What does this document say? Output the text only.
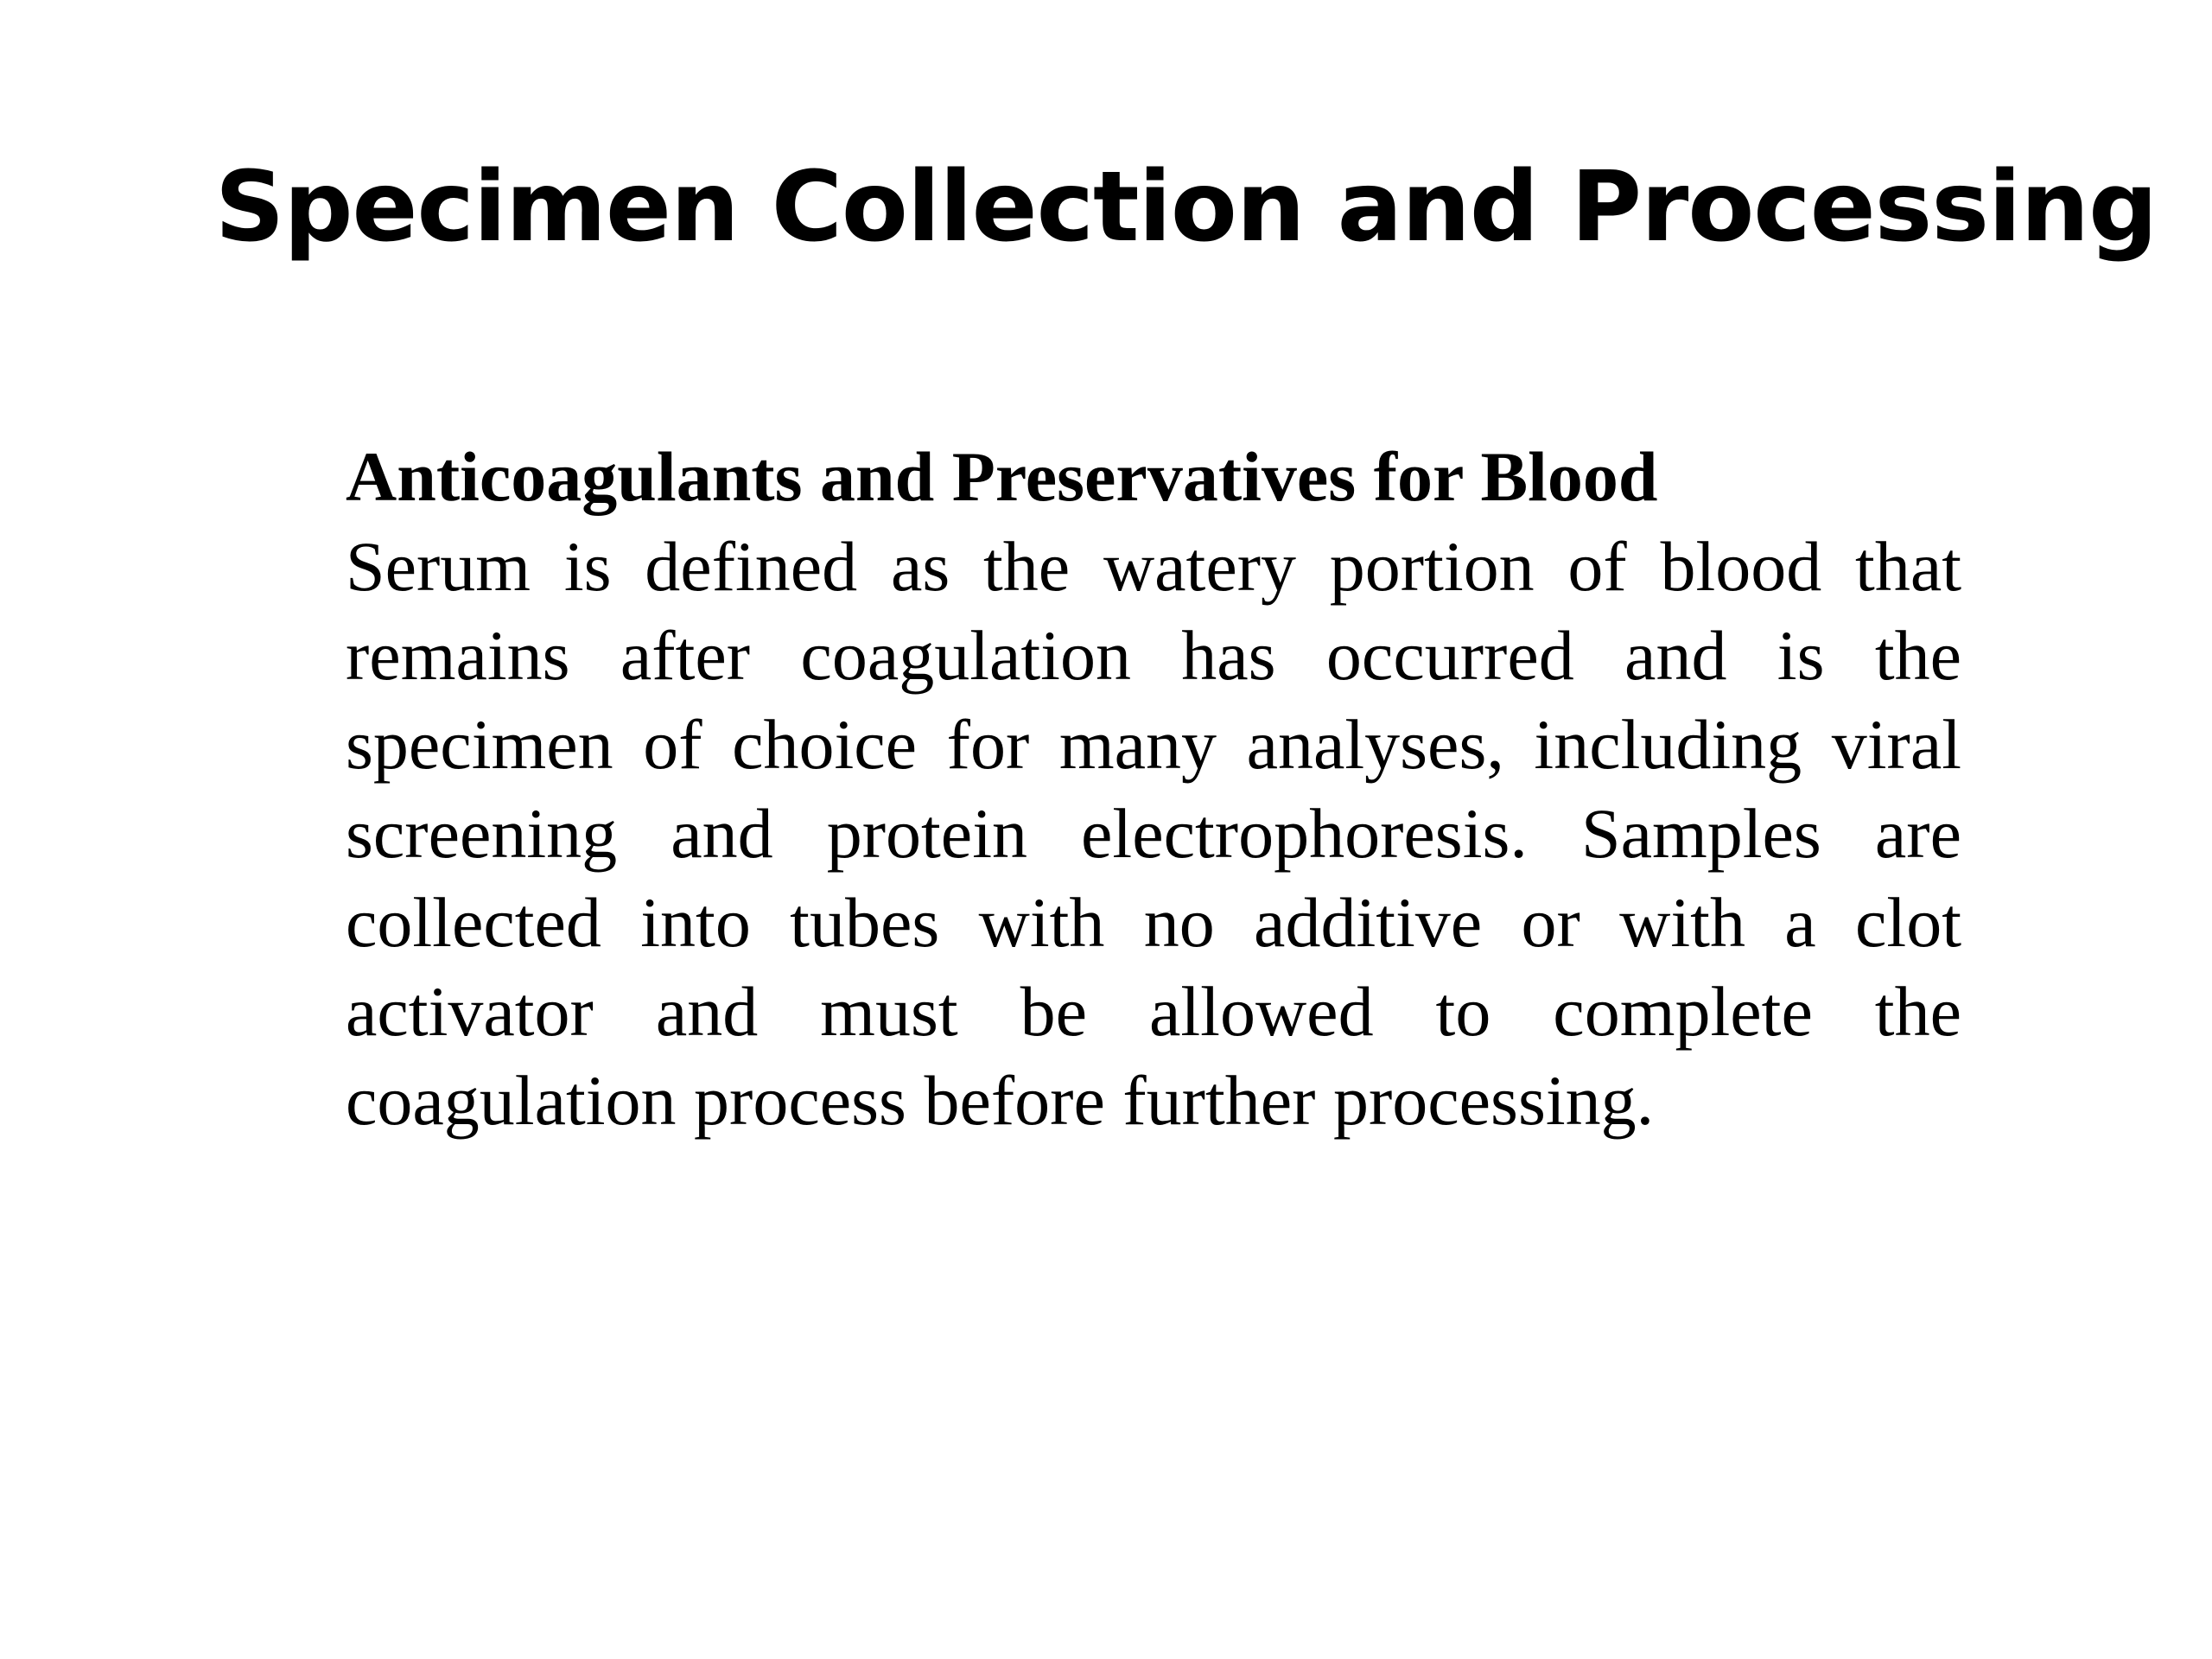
Specimen Collection and Processing

Anticoagulants and Preservatives for Blood

Serum is defined as the watery portion of blood that remains after coagulation has occurred and is the specimen of choice for many analyses, including viral screening and protein electrophoresis. Samples are collected into tubes with no additive or with a clot activator and must be allowed to complete the coagulation process before further processing.
